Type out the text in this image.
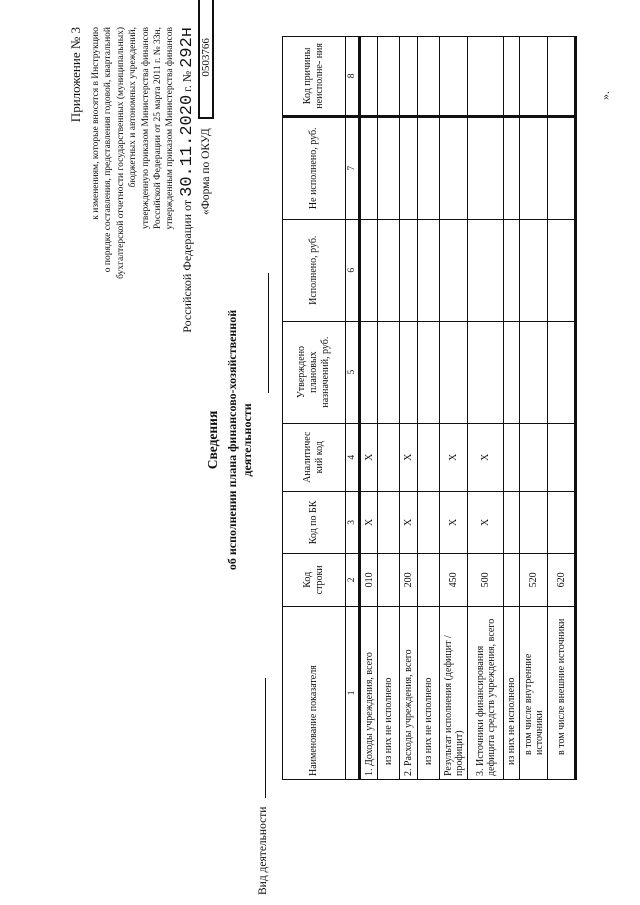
Приложение № 3 к изменениям, которые вносятся в Инструкцию о порядке составления, представления годовой, квартальной бухгалтерской отчетности государственных (муниципальных) бюджетных и автономных учреждений, утвержденную приказом Министерства финансов Российской Федерации от 25 марта 2011 г. № 33н, утвержденным приказом Министерства финансов
Российской Федерации от 30.11.2020 г. № 292н
«Форма по ОКУД 0503766
Сведения об исполнении плана финансово-хозяйственной деятельности
Вид деятельности
Наименование показателя	Код строки	Код по БК	Аналитичес кий код	Утверждено плановых назначений, руб.	Исполнено, руб.	Не исполнено, руб.	Код причины неисполне- ния
1	2	3	4	5	6	7	8
1. Доходы учреждения, всего	010	X	X				
из них не исполнено							
2. Расходы учреждения, всего	200	X	X				
из них не исполнено							
Результат исполнения (дефицит / профицит)	450	X	X				
3. Источники финансирования дефицита средств учреждения, всего	500	X	X				
из них не исполнено							
в том числе внутренние источники	520						
в том числе внешние источники	620						
».
